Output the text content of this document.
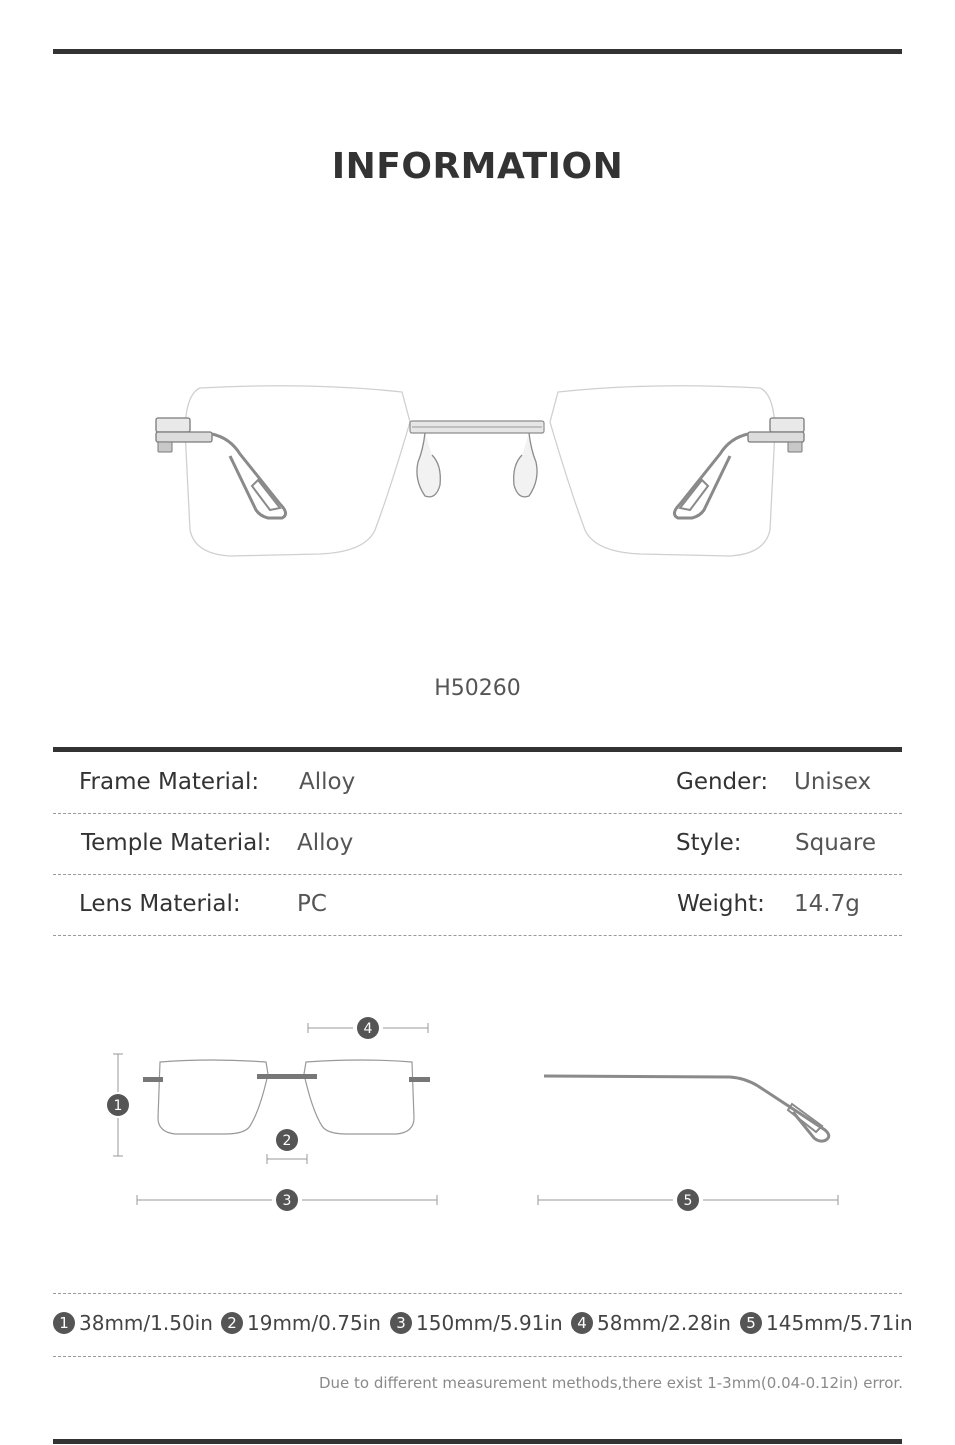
INFORMATION
H50260
Frame Material: Alloy	Gender: Unisex
Temple Material: Alloy	Style: Square
Lens Material: PC	Weight: 14.7g
4
1
2
3	5
1 38mm/1.50in 2 19mm/0.75in	3 150mm/5.91in 4 58mm/2.28in	5 145mm/5.71in
Due to different measurement methods,there exist 1-3mm(0.04-0.12in) error.
